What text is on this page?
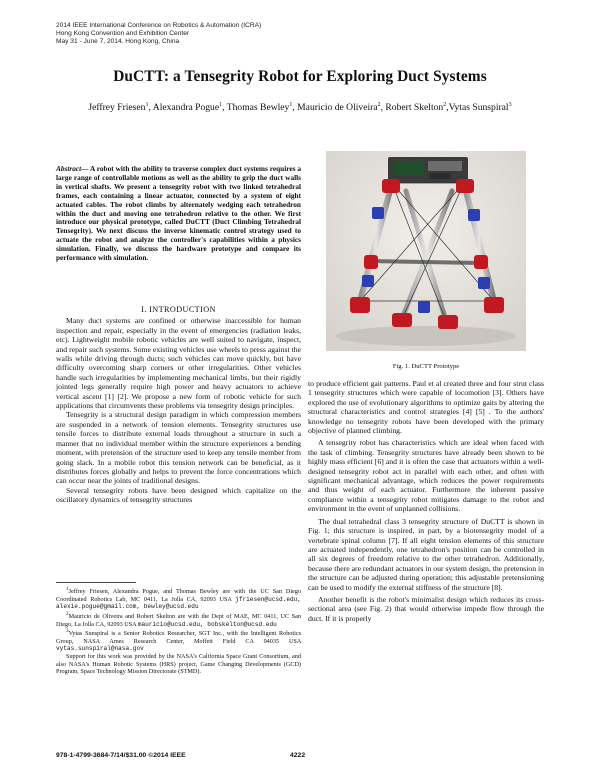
2014 IEEE International Conference on Robotics & Automation (ICRA)
Hong Kong Convention and Exhibition Center
May 31 - June 7, 2014. Hong Kong, China
DuCTT: a Tensegrity Robot for Exploring Duct Systems
Jeffrey Friesen$^1$, Alexandra Pogue$^1$, Thomas Bewley$^1$, Mauricio de Oliveira$^2$, Robert Skelton$^2$,Vytas Sunspiral$^3$
Abstract— A robot with the ability to traverse complex duct systems requires a large range of controllable motions as well as the ability to grip the duct walls in vertical shafts. We present a tensegrity robot with two linked tetrahedral frames, each containing a linear actuator, connected by a system of eight actuated cables. The robot climbs by alternately wedging each tetrahedron within the duct and moving one tetrahedron relative to the other. We first introduce our physical prototype, called DuCTT (Duct Climbing Tetrahedral Tensegrity). We next discuss the inverse kinematic control strategy used to actuate the robot and analyze the controller's capabilities within a physics simulation. Finally, we discuss the hardware prototype and compare its performance with simulation.

I. INTRODUCTION

Many duct systems are confined or otherwise inaccessible for human inspection and repair, especially in the event of emergencies (radiation leaks, etc). Lightweight mobile robotic vehicles are well suited to navigate, inspect, and repair such systems. Some existing vehicles use wheels to press against the walls while driving through ducts; such vehicles can move quickly, but have difficulty overcoming sharp corners or other irregularities. Other vehicles handle such irregularities by implementing mechanical limbs, but their rigidly jointed legs generally require high power and heavy actuators to achieve vertical ascent [1] [2]. We propose a new form of robotic vehicle for such applications that circumvents these problems via tensegrity design principles.

Tensegrity is a structural design paradigm in which compression members are suspended in a network of tension elements. Tensegrity structures use tensile forces to distribute external loads throughout a structure in such a manner that no individual member within the structure experiences a bending moment, with pretension of the structure used to keep any tensile member from going slack. In a mobile robot this tension network can be beneficial, as it distributes forces globally and helps to prevent the force concentrations which can occur near the joints of traditional designs.

Several tensegrity robots have been designed which capitalize on the oscillatory dynamics of tensegrity structures

$^1$Jeffrey Friesen, Alexandra Pogue, and Thomas Bewley are with the UC San Diego Coordinated Robotics Lab, MC 0411, La Jolla CA, 92093 USA jfriesen@ucsd.edu, alexie.pogue@gmail.com, bewley@ucsd.edu
$^2$Mauricio de Oliveira and Robert Skelton are with the Dept of MAE, MC 0411, UC San Diego, La Jolla CA, 92093 USA mauricio@ucsd.edu, bobskelton@ucsd.edu
$^3$Vytas Sunspiral is a Senior Robotics Researcher, SGT Inc., with the Intelligent Robotics Group, NASA Ames Research Center, Moffett Field CA 94035 USA vytas.sunspiral@nasa.gov
Support for this work was provided by the NASA's California Space Grant Consortium, and also NASA's Human Robotic Systems (HRS) project, Game Changing Developments (GCD) Program, Space Technology Mission Directorate (STMD).
Fig. 1. DuCTT Prototype

to produce efficient gait patterns. Paul et al created three and four strut class 1 tensegrity structures which were capable of locomotion [3]. Others have explored the use of evolutionary algorithms to optimize gaits by altering the structural characteristics and control strategies [4] [5] . To the authors' knowledge no tensegrity robots have been developed with the primary objective of planned climbing.

A tensegrity robot has characteristics which are ideal when faced with the task of climbing. Tensegrity structures have already been shown to be highly mass efficient [6] and it is often the case that actuators within a well-designed tensegrity robot act in parallel with each other, and often with significant mechanical advantage, which reduces the power requirements and thus weight of each actuator. Furthermore the inherent passive compliance within a tensegrity robot mitigates damage to the robot and environment in the event of unplanned collisions.

The dual tetrahedral class 3 tensegrity structure of DuCTT is shown in Fig. 1; this structure is inspired, in part, by a biotensegrity model of a vertebrate spinal column [7]. If all eight tension elements of this structure are actuated independently, one tetrahedron's position can be controlled in all six degrees of freedom relative to the other tetrahedron. Additionally, because there are redundant actuators in our system design, the pretension in the structure can be adjusted during operation; this adjustable pretensioning can be used to modify the external stiffness of the structure [8].

Another benefit is the robot's minimalist design which reduces its cross-sectional area (see Fig. 2) that would otherwise impede flow through the duct. If it is properly

978-1-4799-3684-7/14/$31.00 ©2014 IEEE	4222
